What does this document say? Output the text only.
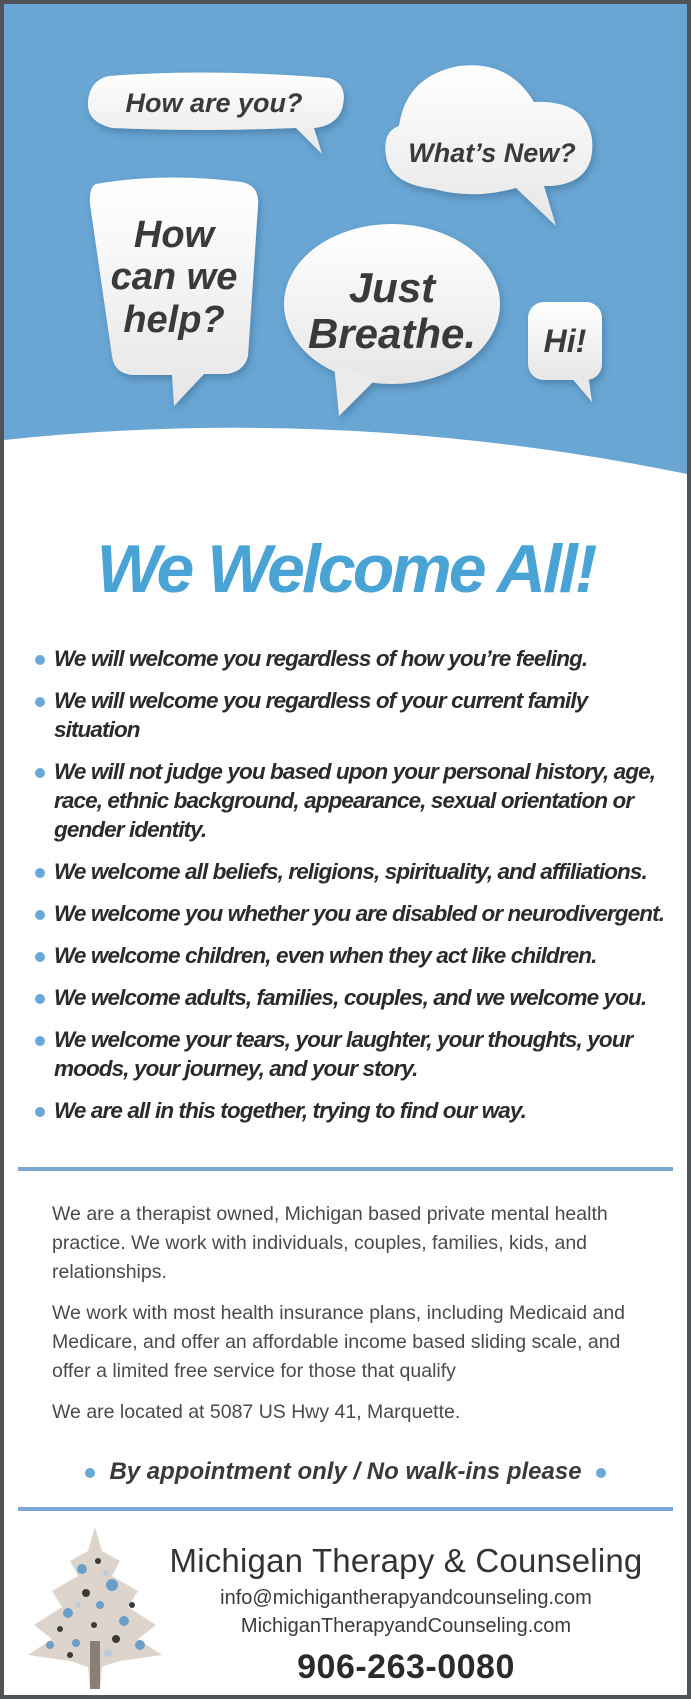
How are you?
What’s New?
How
can we
help?
Just
Breathe. Hi!
We Welcome All!
We will welcome you regardless of how you’re feeling.
We will welcome you regardless of your current family situation
We will not judge you based upon your personal history, age, race, ethnic background, appearance, sexual orientation or gender identity.
We welcome all beliefs, religions, spirituality, and affiliations.
We welcome you whether you are disabled or neurodivergent.
We welcome children, even when they act like children.
We welcome adults, families, couples, and we welcome you.
We welcome your tears, your laughter, your thoughts, your moods, your journey, and your story.
We are all in this together, trying to find our way.

We are a therapist owned, Michigan based private mental health practice. We work with individuals, couples, families, kids, and relationships.

We work with most health insurance plans, including Medicaid and Medicare, and offer an affordable income based sliding scale, and offer a limited free service for those that qualify

We are located at 5087 US Hwy 41, Marquette.

By appointment only / No walk-ins please
Michigan Therapy & Counseling
info@michigantherapyandcounseling.com
MichiganTherapyandCounseling.com
906-263-0080
